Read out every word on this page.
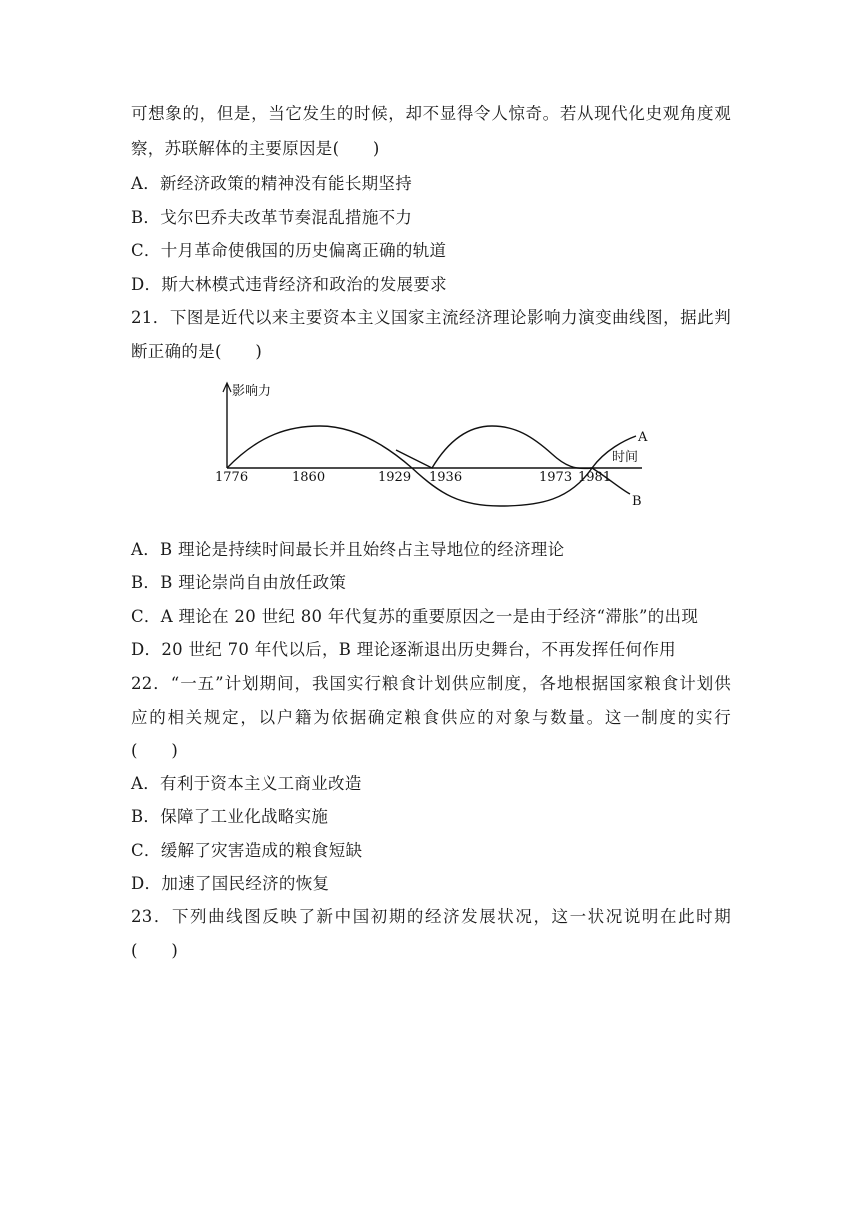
可想象的，但是，当它发生的时候，却不显得令人惊奇。若从现代化史观角度观
察，苏联解体的主要原因是(　　)
A．新经济政策的精神没有能长期坚持
B．戈尔巴乔夫改革节奏混乱措施不力
C．十月革命使俄国的历史偏离正确的轨道
D．斯大林模式违背经济和政治的发展要求
21．下图是近代以来主要资本主义国家主流经济理论影响力演变曲线图，据此判
断正确的是(　　)
影响力
时间
A
B
1776	1860	1929 1936	1973 1981
A．B 理论是持续时间最长并且始终占主导地位的经济理论
B．B 理论崇尚自由放任政策
C．A 理论在 20 世纪 80 年代复苏的重要原因之一是由于经济“滞胀”的出现
D．20 世纪 70 年代以后，B 理论逐渐退出历史舞台，不再发挥任何作用
22．“一五”计划期间，我国实行粮食计划供应制度，各地根据国家粮食计划供
应的相关规定，以户籍为依据确定粮食供应的对象与数量。这一制度的实行
(　　)
A．有利于资本主义工商业改造
B．保障了工业化战略实施
C．缓解了灾害造成的粮食短缺
D．加速了国民经济的恢复
23．下列曲线图反映了新中国初期的经济发展状况，这一状况说明在此时期
(　　)
